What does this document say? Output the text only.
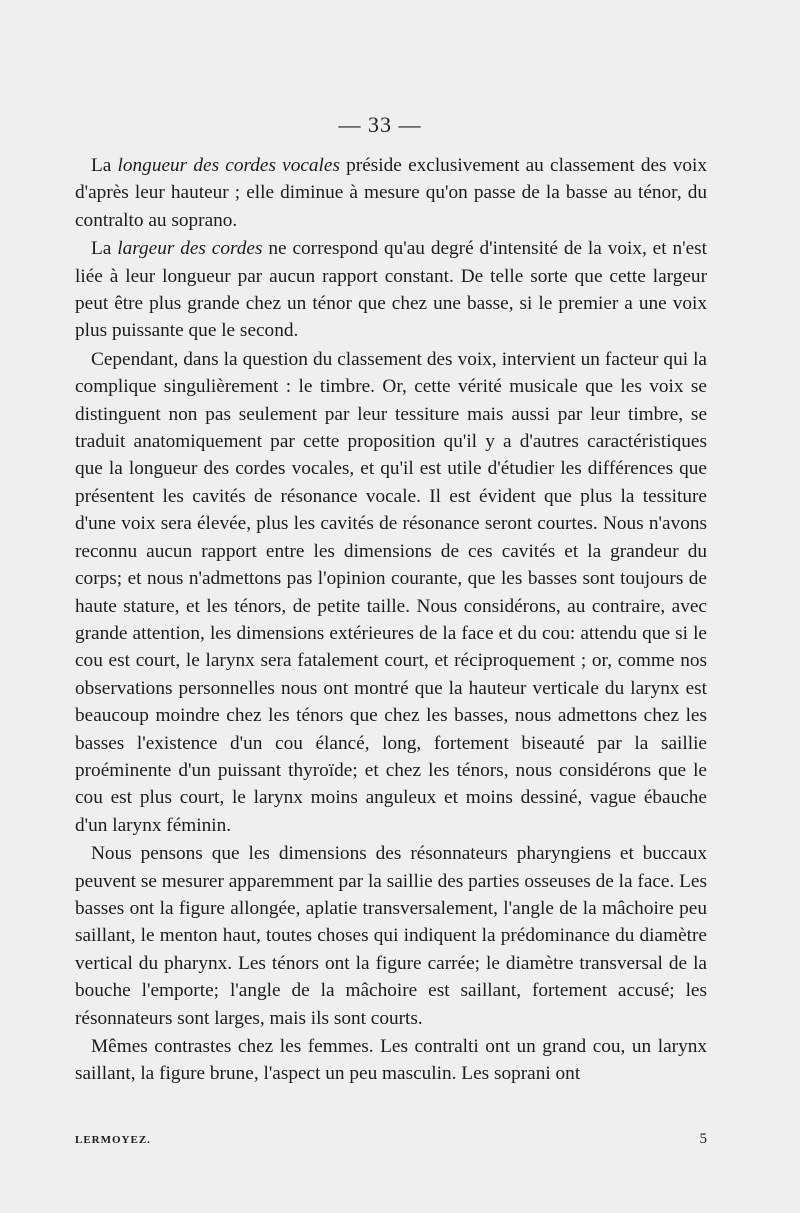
— 33 —

La longueur des cordes vocales préside exclusivement au classement des voix d'après leur hauteur ; elle diminue à mesure qu'on passe de la basse au ténor, du contralto au soprano.

La largeur des cordes ne correspond qu'au degré d'intensité de la voix, et n'est liée à leur longueur par aucun rapport constant. De telle sorte que cette largeur peut être plus grande chez un ténor que chez une basse, si le premier a une voix plus puissante que le second.

Cependant, dans la question du classement des voix, intervient un facteur qui la complique singulièrement : le timbre. Or, cette vérité musicale que les voix se distinguent non pas seulement par leur tessiture mais aussi par leur timbre, se traduit anatomiquement par cette proposition qu'il y a d'autres caractéristiques que la longueur des cordes vocales, et qu'il est utile d'étudier les différences que présentent les cavités de résonance vocale. Il est évident que plus la tessiture d'une voix sera élevée, plus les cavités de résonance seront courtes. Nous n'avons reconnu aucun rapport entre les dimensions de ces cavités et la grandeur du corps; et nous n'admettons pas l'opinion courante, que les basses sont toujours de haute stature, et les ténors, de petite taille. Nous considérons, au contraire, avec grande attention, les dimensions extérieures de la face et du cou: attendu que si le cou est court, le larynx sera fatalement court, et réciproquement ; or, comme nos observations personnelles nous ont montré que la hauteur verticale du larynx est beaucoup moindre chez les ténors que chez les basses, nous admettons chez les basses l'existence d'un cou élancé, long, fortement biseauté par la saillie proéminente d'un puissant thyroïde; et chez les ténors, nous considérons que le cou est plus court, le larynx moins anguleux et moins dessiné, vague ébauche d'un larynx féminin.

Nous pensons que les dimensions des résonnateurs pharyngiens et buccaux peuvent se mesurer apparemment par la saillie des parties osseuses de la face. Les basses ont la figure allongée, aplatie transversalement, l'angle de la mâchoire peu saillant, le menton haut, toutes choses qui indiquent la prédominance du diamètre vertical du pharynx. Les ténors ont la figure carrée; le diamètre transversal de la bouche l'emporte; l'angle de la mâchoire est saillant, fortement accusé; les résonnateurs sont larges, mais ils sont courts.

Mêmes contrastes chez les femmes. Les contralti ont un grand cou, un larynx saillant, la figure brune, l'aspect un peu masculin. Les soprani ont

LERMOYEZ.	5
